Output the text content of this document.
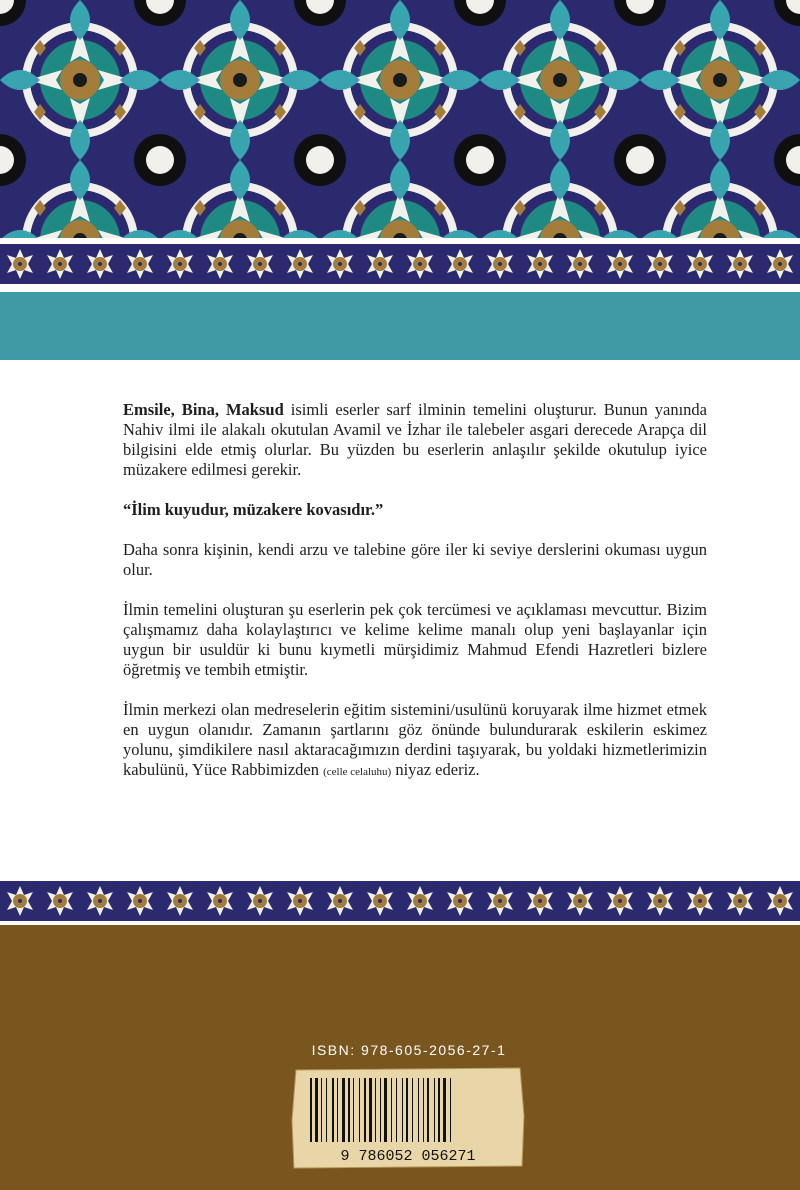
Emsile, Bina, Maksud isimli eserler sarf ilminin temelini oluşturur. Bunun yanında Nahiv ilmi ile alakalı okutulan Avamil ve İzhar ile talebeler asgari derecede Arapça dil bilgisini elde etmiş olurlar. Bu yüzden bu eserlerin anlaşılır şekilde okutulup iyice müzakere edilmesi gerekir.

“İlim kuyudur, müzakere kovasıdır.”

Daha sonra kişinin, kendi arzu ve talebine göre iler ki seviye derslerini okuması uygun olur.

İlmin temelini oluşturan şu eserlerin pek çok tercümesi ve açıklaması mevcuttur. Bizim çalışmamız daha kolaylaştırıcı ve kelime kelime manalı olup yeni başlayanlar için uygun bir usuldür ki bunu kıymetli mürşidimiz Mahmud Efendi Hazretleri bizlere öğretmiş ve tembih etmiştir.

İlmin merkezi olan medreselerin eğitim sistemini/usulünü koruyarak ilme hizmet etmek en uygun olanıdır. Zamanın şartlarını göz önünde bulundurarak eskilerin eskimez yolunu, şimdikilere nasıl aktaracağımızın derdini taşıyarak, bu yoldaki hizmetlerimizin kabulünü, Yüce Rabbimizden (celle celaluhu) niyaz ederiz.

ISBN: 978-605-2056-27-1
9 786052 056271
